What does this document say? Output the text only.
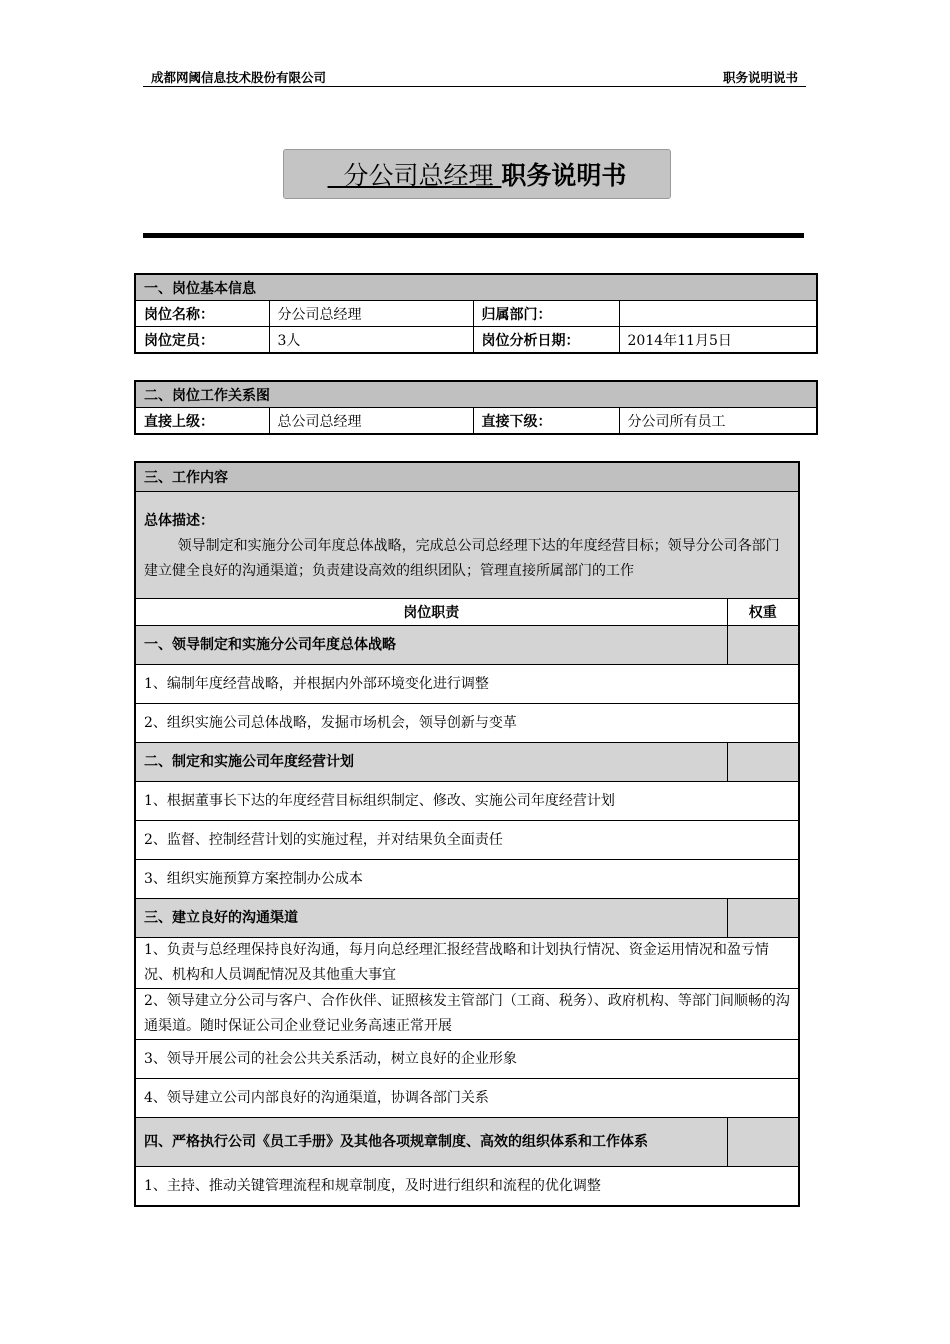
成都网阈信息技术股份有限公司	职务说明说书
分公司总经理 职务说明书
一、岗位基本信息			
岗位名称：	分公司总经理	归属部门：	
岗位定员：	3人	岗位分析日期：	2014年11月5日
二、岗位工作关系图
直接上级：	总公司总经理	直接下级：	分公司所有员工
三、工作内容	
总体描述：
领导制定和实施分公司年度总体战略，完成总公司总经理下达的年度经营目标；领导分公司各部门建立健全良好的沟通渠道；负责建设高效的组织团队；管理直接所属部门的工作	

岗位职责	权重
一、领导制定和实施分公司年度总体战略	
1、编制年度经营战略，并根据内外部环境变化进行调整	
2、组织实施公司总体战略，发掘市场机会，领导创新与变革	
二、制定和实施公司年度经营计划	
1、根据董事长下达的年度经营目标组织制定、修改、实施公司年度经营计划	
2、监督、控制经营计划的实施过程，并对结果负全面责任	
3、组织实施预算方案控制办公成本	
三、建立良好的沟通渠道	
1、负责与总经理保持良好沟通，每月向总经理汇报经营战略和计划执行情况、资金运用情况和盈亏情况、机构和人员调配情况及其他重大事宜	
2、领导建立分公司与客户、合作伙伴、证照核发主管部门（工商、税务）、政府机构、等部门间顺畅的沟通渠道。随时保证公司企业登记业务高速正常开展	
3、领导开展公司的社会公共关系活动，树立良好的企业形象	
4、领导建立公司内部良好的沟通渠道，协调各部门关系	
四、严格执行公司《员工手册》及其他各项规章制度、高效的组织体系和工作体系	
1、主持、推动关键管理流程和规章制度，及时进行组织和流程的优化调整	
